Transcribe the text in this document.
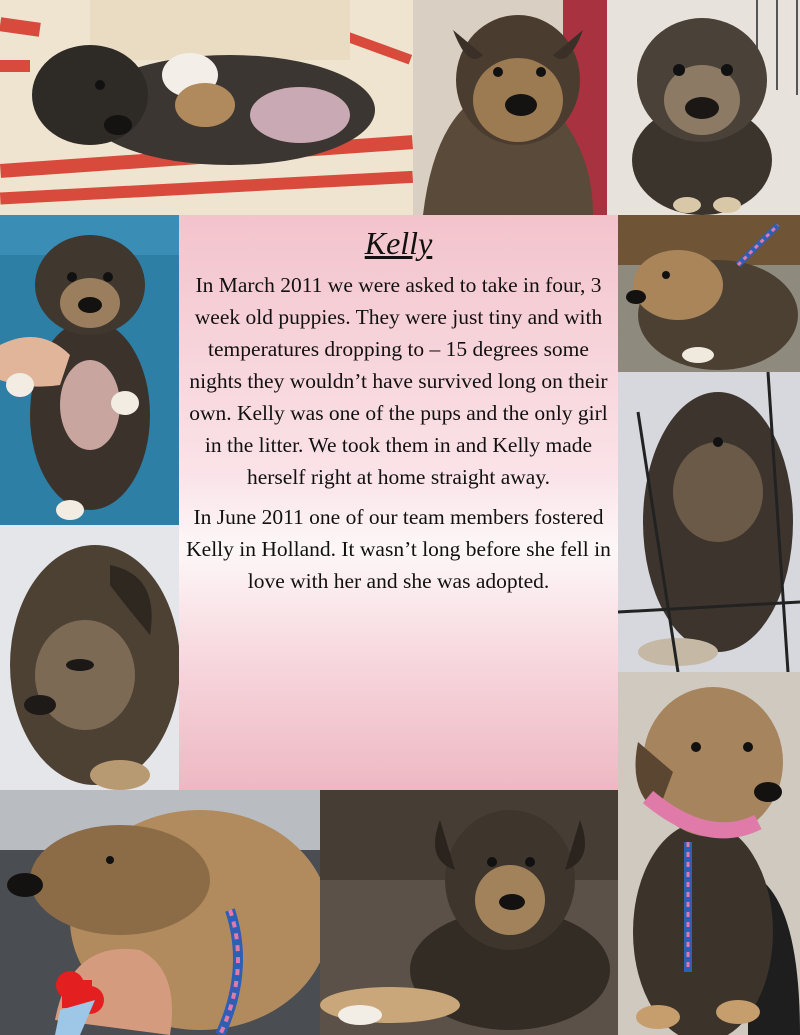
Kelly

In March 2011 we were asked to take in four, 3 week old puppies. They were just tiny and with temperatures dropping to – 15 degrees some nights they wouldn’t have survived long on their own. Kelly was one of the pups and the only girl in the litter. We took them in and Kelly made herself right at home straight away.

In June 2011 one of our team members fostered Kelly in Holland. It wasn’t long before she fell in love with her and she was adopted.
